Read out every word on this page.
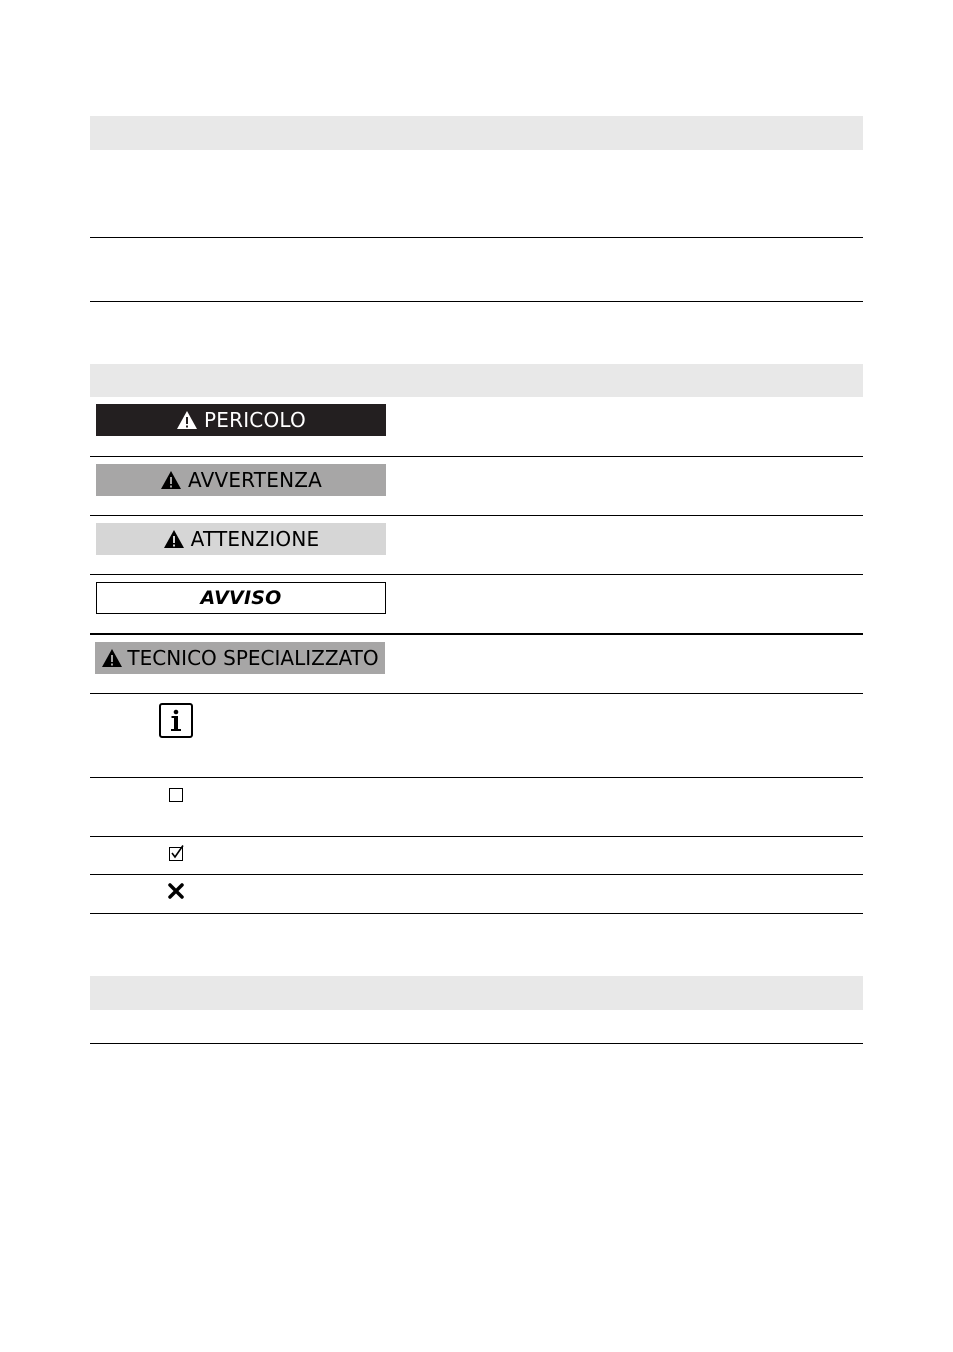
PERICOLO
AVVERTENZA
ATTENZIONE
AVVISO
TECNICO SPECIALIZZATO
